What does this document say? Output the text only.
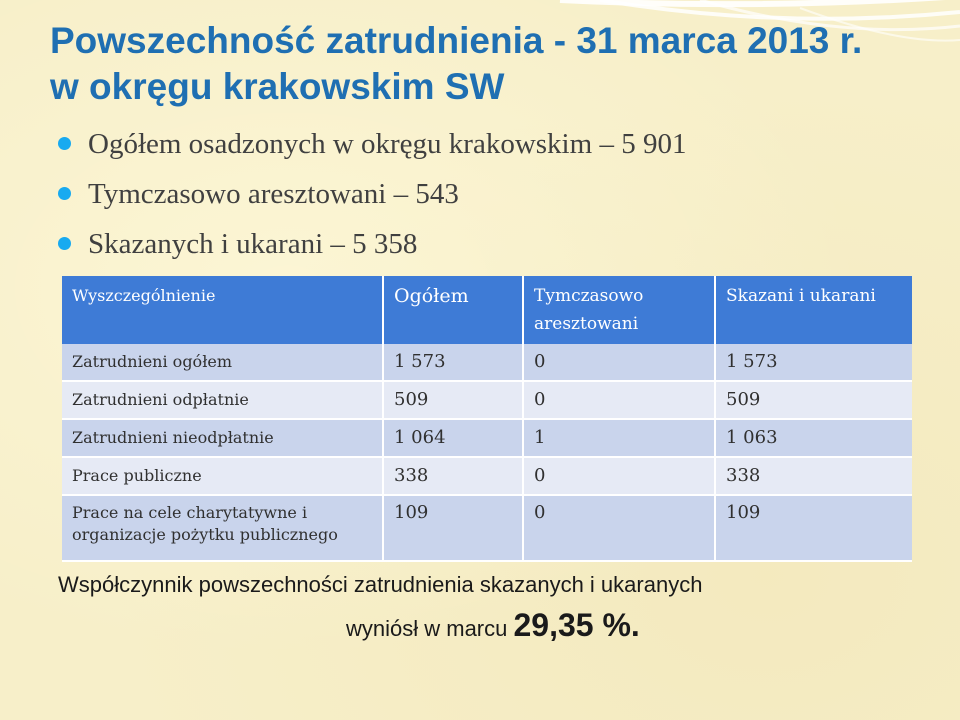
Powszechność zatrudnienia - 31 marca 2013 r.
w okręgu krakowskim SW
Ogółem osadzonych w okręgu krakowskim – 5 901
Tymczasowo aresztowani – 543
Skazanych i ukarani – 5 358
Wyszczególnienie	Ogółem	Tymczasowo aresztowani	Skazani i ukarani

Zatrudnieni ogółem	1 573	0	1 573
Zatrudnieni odpłatnie	509	0	509
Zatrudnieni nieodpłatnie	1 064	1	1 063
Prace publiczne	338	0	338
Prace na cele charytatywne i organizacje pożytku publicznego	109	0	109

Współczynnik powszechności zatrudnienia skazanych i ukaranych

wyniósł w marcu 29,35 %.
